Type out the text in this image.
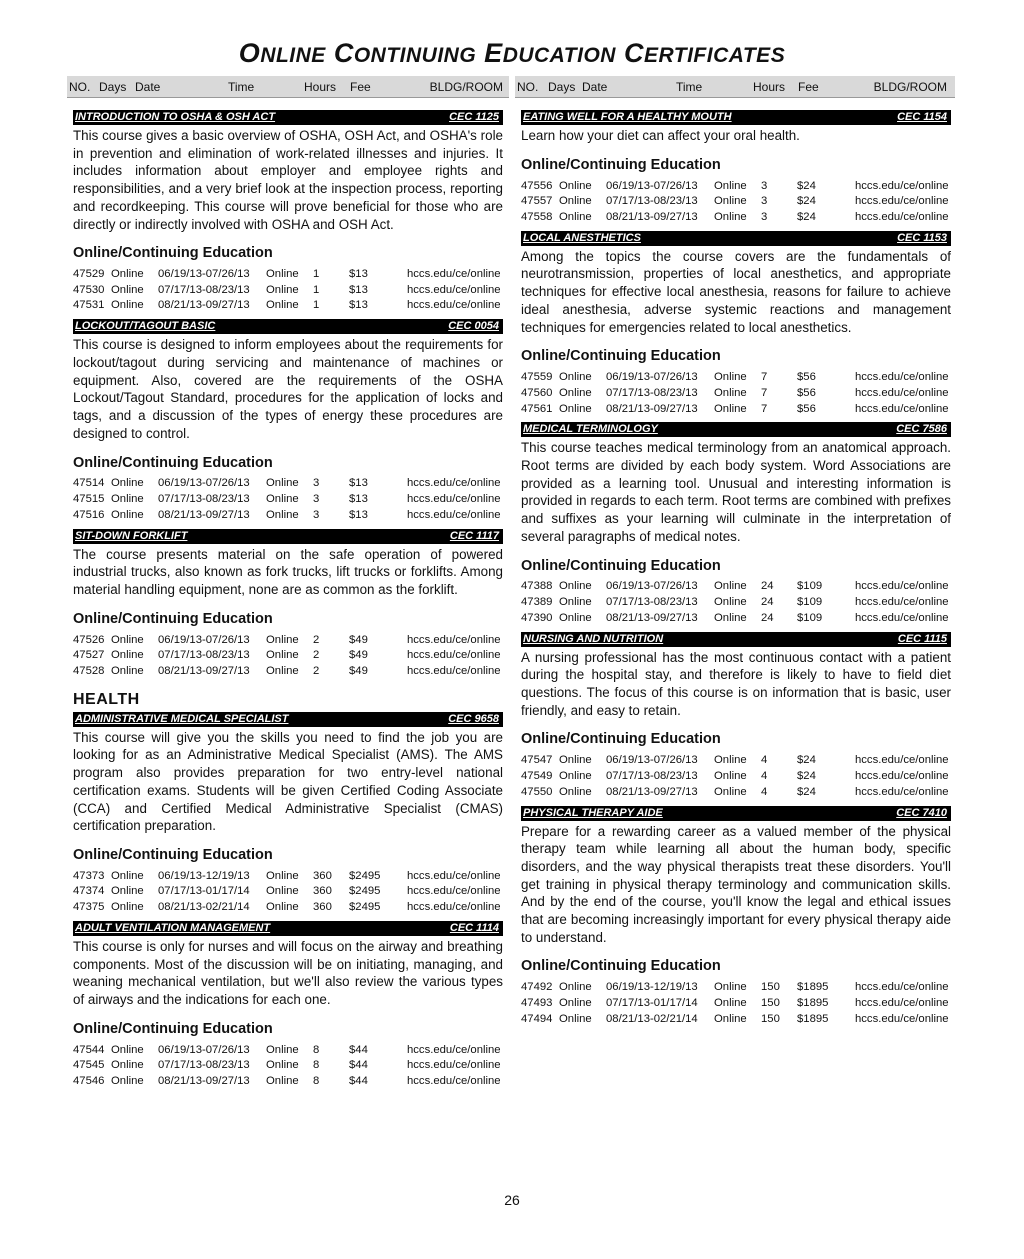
ONLINE CONTINUING EDUCATION CERTIFICATES
NO. Days Date	Time	Hours Fee	BLDG/ROOM NO. Days Date	Time	Hours Fee	BLDG/ROOM
INTRODUCTION TO OSHA & OSH ACT	CEC 1125
This course gives a basic overview of OSHA, OSH Act, and OSHA's role in prevention and elimination of work-related illnesses and injuries. It includes information about employer and employee rights and responsibilities, and a very brief look at the inspection process, reporting and recordkeeping. This course will prove beneficial for those who are directly or indirectly involved with OSHA and OSH Act.
Online/Continuing Education
47529	Online	06/19/13-07/26/13	Online	1	$13	hccs.edu/ce/online
47530	Online	07/17/13-08/23/13	Online	1	$13	hccs.edu/ce/online
47531	Online	08/21/13-09/27/13	Online	1	$13	hccs.edu/ce/online
LOCKOUT/TAGOUT BASIC	CEC 0054
This course is designed to inform employees about the requirements for lockout/tagout during servicing and maintenance of machines or equipment. Also, covered are the requirements of the OSHA Lockout/Tagout Standard, procedures for the application of locks and tags, and a discussion of the types of energy these procedures are designed to control.
Online/Continuing Education
47514	Online	06/19/13-07/26/13	Online	3	$13	hccs.edu/ce/online
47515	Online	07/17/13-08/23/13	Online	3	$13	hccs.edu/ce/online
47516	Online	08/21/13-09/27/13	Online	3	$13	hccs.edu/ce/online
SIT-DOWN FORKLIFT	CEC 1117
The course presents material on the safe operation of powered industrial trucks, also known as fork trucks, lift trucks or forklifts. Among material handling equipment, none are as common as the forklift.
Online/Continuing Education
47526	Online	06/19/13-07/26/13	Online	2	$49	hccs.edu/ce/online
47527	Online	07/17/13-08/23/13	Online	2	$49	hccs.edu/ce/online
47528	Online	08/21/13-09/27/13	Online	2	$49	hccs.edu/ce/online
HEALTH
ADMINISTRATIVE MEDICAL SPECIALIST	CEC 9658
This course will give you the skills you need to find the job you are looking for as an Administrative Medical Specialist (AMS). The AMS program also provides preparation for two entry-level national certification exams. Students will be given Certified Coding Associate (CCA) and Certified Medical Administrative Specialist (CMAS) certification preparation.
Online/Continuing Education
47373	Online	06/19/13-12/19/13	Online	360	$2495	hccs.edu/ce/online
47374	Online	07/17/13-01/17/14	Online	360	$2495	hccs.edu/ce/online
47375	Online	08/21/13-02/21/14	Online	360	$2495	hccs.edu/ce/online
ADULT VENTILATION MANAGEMENT	CEC 1114
This course is only for nurses and will focus on the airway and breathing components. Most of the discussion will be on initiating, managing, and weaning mechanical ventilation, but we'll also review the various types of airways and the indications for each one.
Online/Continuing Education
47544	Online	06/19/13-07/26/13	Online	8	$44	hccs.edu/ce/online
47545	Online	07/17/13-08/23/13	Online	8	$44	hccs.edu/ce/online
47546	Online	08/21/13-09/27/13	Online	8	$44	hccs.edu/ce/online
EATING WELL FOR A HEALTHY MOUTH	CEC 1154
Learn how your diet can affect your oral health.
Online/Continuing Education
47556	Online	06/19/13-07/26/13	Online	3	$24	hccs.edu/ce/online
47557	Online	07/17/13-08/23/13	Online	3	$24	hccs.edu/ce/online
47558	Online	08/21/13-09/27/13	Online	3	$24	hccs.edu/ce/online
LOCAL ANESTHETICS	CEC 1153
Among the topics the course covers are the fundamentals of neurotransmission, properties of local anesthetics, and appropriate techniques for effective local anesthesia, reasons for failure to achieve ideal anesthesia, adverse systemic reactions and management techniques for emergencies related to local anesthetics.
Online/Continuing Education
47559	Online	06/19/13-07/26/13	Online	7	$56	hccs.edu/ce/online
47560	Online	07/17/13-08/23/13	Online	7	$56	hccs.edu/ce/online
47561	Online	08/21/13-09/27/13	Online	7	$56	hccs.edu/ce/online
MEDICAL TERMINOLOGY	CEC 7586
This course teaches medical terminology from an anatomical approach. Root terms are divided by each body system. Word Associations are provided as a learning tool. Unusual and interesting information is provided in regards to each term. Root terms are combined with prefixes and suffixes as your learning will culminate in the interpretation of several paragraphs of medical notes.
Online/Continuing Education
47388	Online	06/19/13-07/26/13	Online	24	$109	hccs.edu/ce/online
47389	Online	07/17/13-08/23/13	Online	24	$109	hccs.edu/ce/online
47390	Online	08/21/13-09/27/13	Online	24	$109	hccs.edu/ce/online
NURSING AND NUTRITION	CEC 1115
A nursing professional has the most continuous contact with a patient during the hospital stay, and therefore is likely to have to field diet questions. The focus of this course is on information that is basic, user friendly, and easy to retain.
Online/Continuing Education
47547	Online	06/19/13-07/26/13	Online	4	$24	hccs.edu/ce/online
47549	Online	07/17/13-08/23/13	Online	4	$24	hccs.edu/ce/online
47550	Online	08/21/13-09/27/13	Online	4	$24	hccs.edu/ce/online
PHYSICAL THERAPY AIDE	CEC 7410
Prepare for a rewarding career as a valued member of the physical therapy team while learning all about the human body, specific disorders, and the way physical therapists treat these disorders. You'll get training in physical therapy terminology and communication skills. And by the end of the course, you'll know the legal and ethical issues that are becoming increasingly important for every physical therapy aide to understand.
Online/Continuing Education
47492	Online	06/19/13-12/19/13	Online	150	$1895	hccs.edu/ce/online
47493	Online	07/17/13-01/17/14	Online	150	$1895	hccs.edu/ce/online
47494	Online	08/21/13-02/21/14	Online	150	$1895	hccs.edu/ce/online
26
